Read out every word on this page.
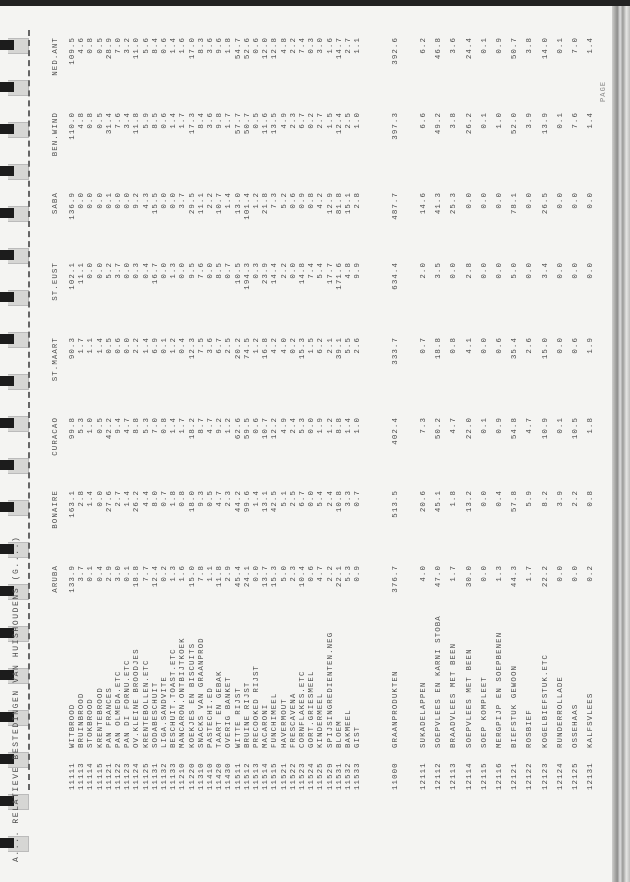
A.... RELATIEVE BESTEDINGEN VAN HUISHOUDENS (G....)
PAGE
ARUBA
BONAIRE
CURACAO
ST.MAART
ST.EUST
SABA
BEN.WIND
NED.ANT
11111
WITBROOD
133.9
163.1
99.8
90.3
102.1
136.9
110.0
109.5
11113
BRUINBROOD
3.7
2.8
5.3
1.7
11.1
0.0
4.8
4.6
11114
STOKBROOD
0.1
1.4
1.0
1.1
0.0
0.0
0.8
0.8
11115
KRENTEBROOD
0.4
0.0
0.5
1.4
0.0
0.0
0.5
0.5
11121
PAN FRANCES
2.9
27.6
42.2
0.5
5.2
0.1
31.4
28.9
11122
PAN OLMEDA.ETC
3.0
2.7
9.4
0.6
3.7
0.0
7.6
7.0
11123
PAN DI FORNU.ETC
0.1
1.4
4.7
0.0
0.0
0.0
3.4
3.2
11124
OV.KLEINE BROODJES
18.8
26.2
8.8
2.2
0.3
9.2
11.8
11.0
11125
KRENTEBOLLEN.ETC
7.7
4.4
5.3
1.4
0.4
4.3
5.9
5.6
11131
SODABESCHUIT
12.4
8.0
7.0
6.9
16.7
15.5
8.5
8.4
11132
LIGA.SANDVITE
0.2
0.7
0.8
0.1
0.0
0.0
0.6
0.6
11133
BESCHUIT.TOAST.ETC
1.3
1.8
1.4
1.2
1.3
0.0
1.4
1.4
11210
MANCARON.ONTBIJTKOEK
1.6
0.8
1.7
0.4
0.0
3.7
1.7
1.6
11220
KOEKJES EN BISCUITS
15.0
18.0
18.2
12.3
9.5
29.5
17.3
17.0
11310
SNACKS VAN GRAANPROD
7.8
9.3
8.7
7.5
7.6
11.1
8.4
8.3
11410
PASTECHI.ED
1.1
0.5
4.7
3.6
0.0
2.2
3.6
3.6
11420
TAART EN GEBAK
11.8
4.7
9.2
6.7
8.5
10.7
9.8
9.6
11430
OVERIG BANKET
2.9
2.3
1.2
2.5
0.7
1.4
1.7
1.8
11511
WITTE RIJST
45.4
44.2
62.6
20.2
10.5
13.0
57.7
54.7
11512
BRUINE RIJST
24.1
99.6
59.5
74.5
194.3
101.4
50.7
52.6
11513
PRECOOKED RIJST
0.0
1.4
0.6
1.2
0.3
1.2
0.5
0.6
11514
MACARONI
13.7
13.1
10.7
16.8
23.9
21.8
11.6
12.0
11515
FUNCHIMEEL
15.3
42.5
12.2
4.2
14.4
7.3
13.5
12.8
11521
HAVERMOUT
5.0
5.1
4.9
4.0
2.2
5.2
4.9
4.8
11522
FRESCAVENA
2.3
2.5
2.4
0.2
0.0
0.6
2.3
2.2
11523
CORNFLAKES.ETC
10.4
6.7
5.3
15.3
14.8
0.9
6.7
7.4
11524
GORT.GRIESMEEL
0.6
0.0
0.0
1.5
7.4
0.8
0.2
0.3
11525
KINDERMEEL
4.7
5.4
1.9
6.2
5.4
4.2
2.7
3.0
11529
SPIJSINGREDIENTEN.NEG
2.2
2.4
1.2
2.1
17.7
12.9
1.5
1.6
11531
BLOEM
22.1
10.8
8.8
39.1
171.6
81.8
12.4
14.7
11532
BAKMEEL
5.3
3.3
1.4
5.5
4.8
15.1
2.5
2.7
11533
GIST
0.9
0.7
1.0
2.6
9.9
2.8
1.0
1.1
11000
GRAANPRODUKTEN
376.7
513.5
402.4
333.7
634.4
487.7
397.3
392.6
12111
SUKADELAPPEN
4.0
20.6
7.3
0.7
2.0
14.6
6.6
6.2
12112
SOEPVLEES EN KARNI STOBA
47.0
45.1
50.2
18.8
3.5
41.3
49.2
46.8
12113
BRAADVLEES MET BEEN
1.7
1.8
4.7
0.8
0.0
25.3
3.8
3.6
12114
SOEPVLEES MET BEEN
30.0
13.2
22.0
4.1
2.8
0.0
26.2
24.4
12115
SOEP KOMPLEET
0.0
0.0
0.1
0.0
0.0
0.0
0.1
0.1
12116
MERGPIJP EN SOEPBENEN
1.3
0.4
0.9
0.6
0.0
0.0
1.0
0.9
12121
BIEFSTUK GEWOON
44.3
57.8
54.8
35.4
5.0
78.1
52.0
50.7
12122
ROSBIEF
1.7
5.9
4.7
2.6
0.0
0.0
3.9
3.8
12123
KOGELBIEFSTUK.ETC
22.2
8.2
10.9
15.0
3.4
26.5
13.9
14.0
12124
RUNDERROLLADE
0.0
3.9
0.1
0.0
0.0
0.0
0.1
0.1
12125
OSSEHAAS
0.0
2.2
10.5
0.6
0.0
0.0
7.6
7.0
12131
KALFSVLEES
0.2
0.8
1.8
1.9
0.0
0.0
1.4
1.4
